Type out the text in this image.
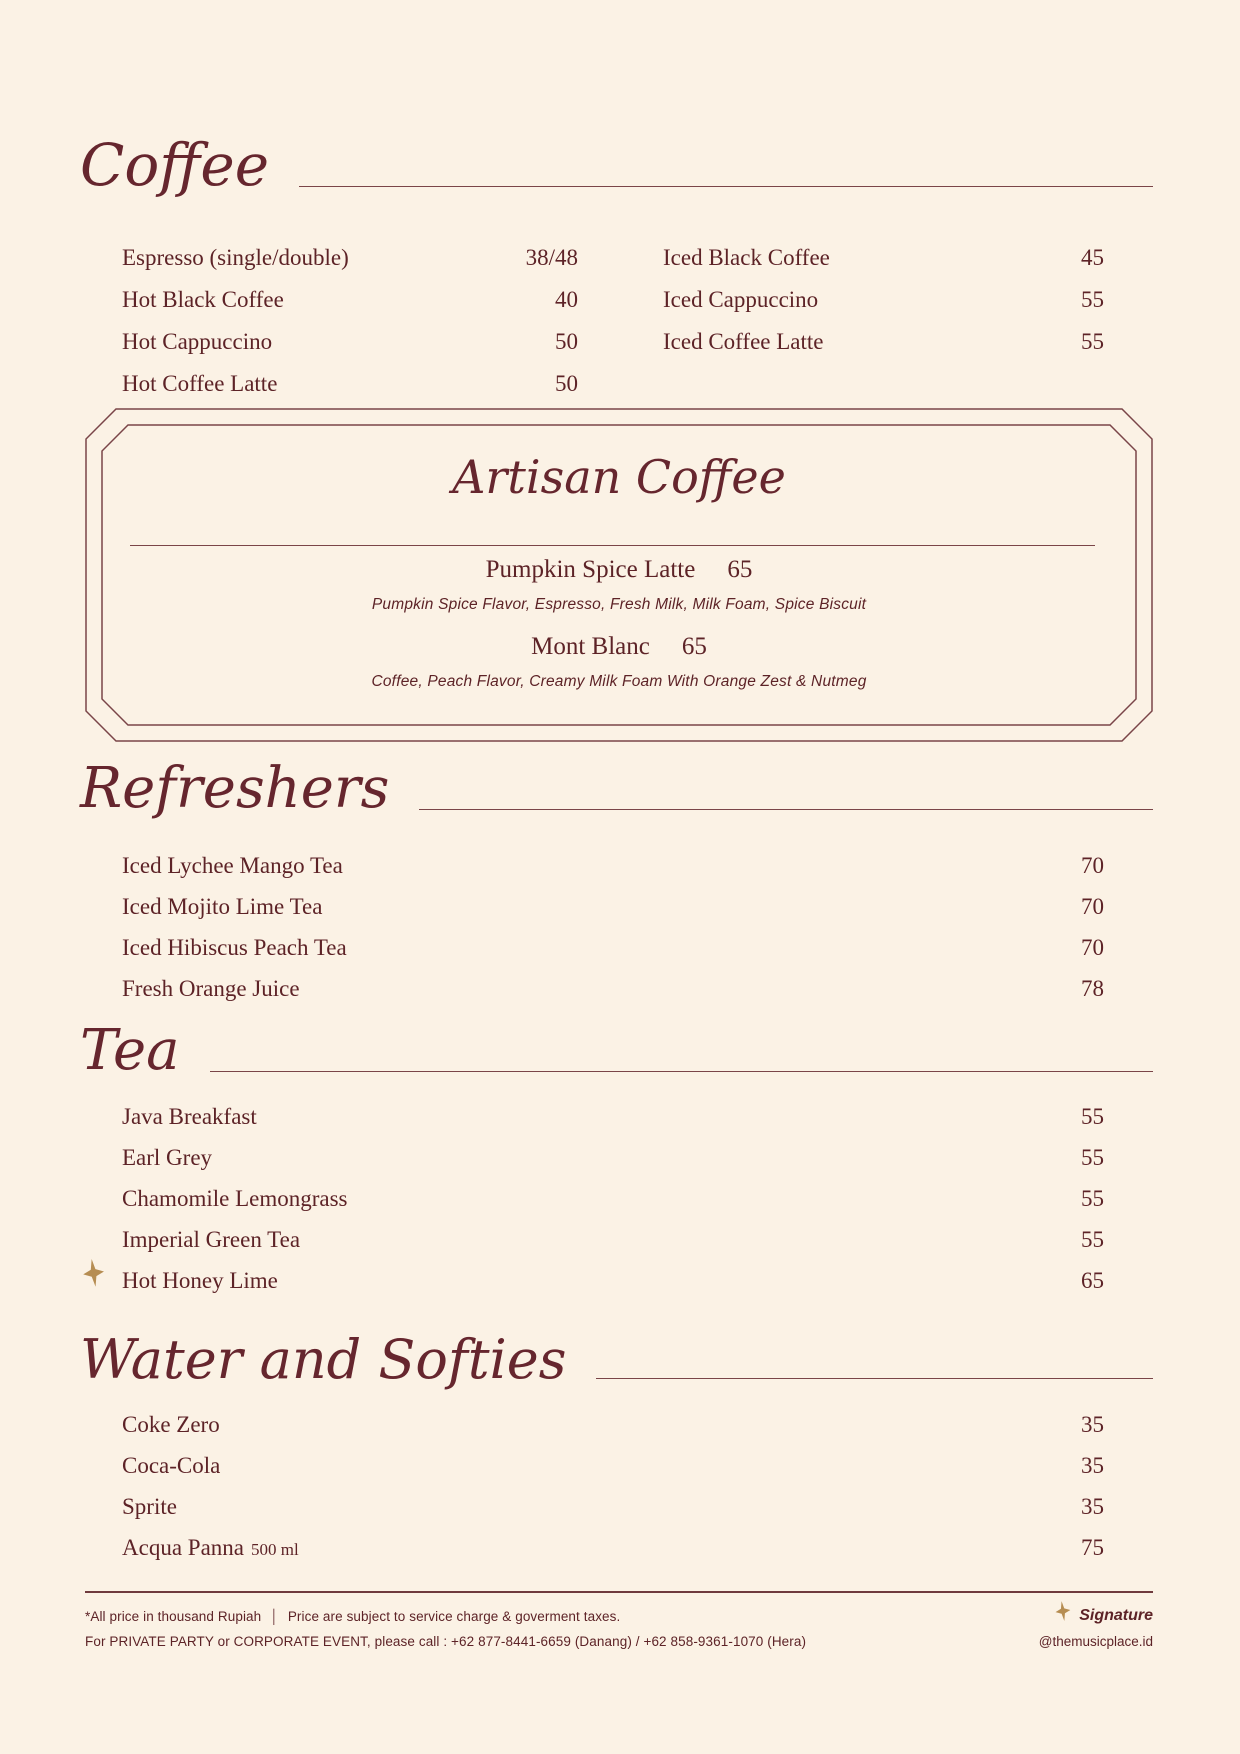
Coffee
Espresso (single/double)	38/48
Hot Black Coffee	40
Hot Cappuccino	50
Hot Coffee Latte	50
Iced Black Coffee	45
Iced Cappuccino	55
Iced Coffee Latte	55
Artisan Coffee
Pumpkin Spice Latte 65
Pumpkin Spice Flavor, Espresso, Fresh Milk, Milk Foam, Spice Biscuit
Mont Blanc 65
Coffee, Peach Flavor, Creamy Milk Foam With Orange Zest & Nutmeg
Refreshers
Iced Lychee Mango Tea	70
Iced Mojito Lime Tea	70
Iced Hibiscus Peach Tea	70
Fresh Orange Juice	78
Tea
Java Breakfast	55
Earl Grey	55
Chamomile Lemongrass	55
Imperial Green Tea	55
Hot Honey Lime	65
Water and Softies
Coke Zero	35
Coca-Cola	35
Sprite	35
Acqua Panna 500 ml	75
*All price in thousand Rupiah │ Price are subject to service charge & goverment taxes.
For PRIVATE PARTY or CORPORATE EVENT, please call : +62 877-8441-6659 (Danang) / +62 858-9361-1070 (Hera)
Signature
@themusicplace.id
